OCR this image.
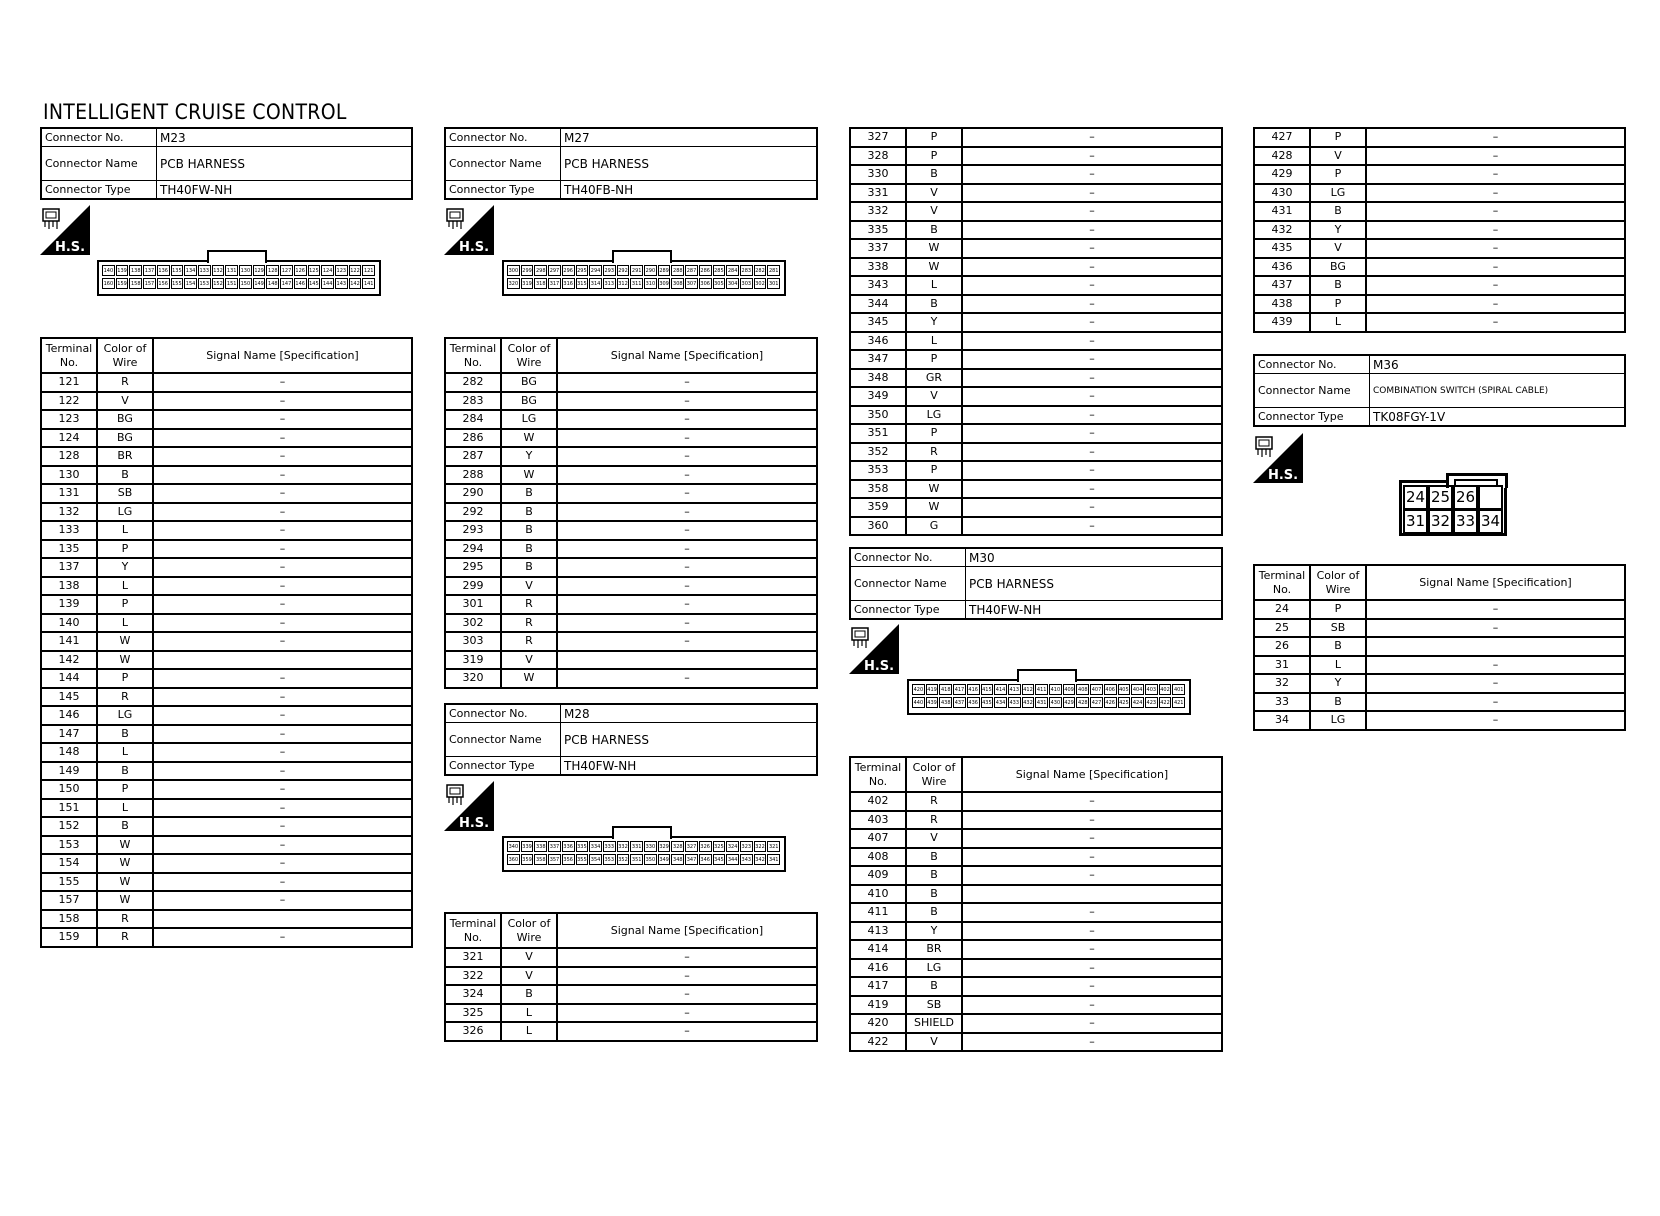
INTELLIGENT CRUISE CONTROL
Connector No.	M23
Connector Name	PCB HARNESS
Connector Type	TH40FW-NH
H.S.
140 139 138 137 136 135 134 133 132 131 130 129 128 127 126 125 124 123 122 121
160 159 158 157 156 155 154 153 152 151 150 149 148 147 146 145 144 143 142 141
Terminal No.	Color of Wire	Signal Name [Specification]
121	R	–
122	V	–
123	BG	–
124	BG	–
128	BR	–
130	B	–
131	SB	–
132	LG	–
133	L	–
135	P	–
137	Y	–
138	L	–
139	P	–
140	L	–
141	W	–
142	W	
144	P	–
145	R	–
146	LG	–
147	B	–
148	L	–
149	B	–
150	P	–
151	L	–
152	B	–
153	W	–
154	W	–
155	W	–
157	W	–
158	R	
159	R	–
Connector No.	M27
Connector Name	PCB HARNESS
Connector Type	TH40FB-NH
H.S.
300 299 298 297 296 295 294 293 292 291 290 289 288 287 286 285 284 283 282 281
320 319 318 317 316 315 314 313 312 311 310 309 308 307 306 305 304 303 302 301
Terminal No.	Color of Wire	Signal Name [Specification]
282	BG	–
283	BG	–
284	LG	–
286	W	–
287	Y	–
288	W	–
290	B	–
292	B	–
293	B	–
294	B	–
295	B	–
299	V	–
301	R	–
302	R	–
303	R	–
319	V	
320	W	–
Connector No.	M28
Connector Name	PCB HARNESS
Connector Type	TH40FW-NH
H.S.
340 339 338 337 336 335 334 333 332 331 330 329 328 327 326 325 324 323 322 321
360 359 358 357 356 355 354 353 352 351 350 349 348 347 346 345 344 343 342 341
Terminal No.	Color of Wire	Signal Name [Specification]
321	V	–
322	V	–
324	B	–
325	L	–
326	L	–
327	P	–
328	P	–
330	B	–
331	V	–
332	V	–
335	B	–
337	W	–
338	W	–
343	L	–
344	B	–
345	Y	–
346	L	–
347	P	–
348	GR	–
349	V	–
350	LG	–
351	P	–
352	R	–
353	P	–
358	W	–
359	W	–
360	G	–
Connector No.	M30
Connector Name	PCB HARNESS
Connector Type	TH40FW-NH
H.S.
420 419 418 417 416 415 414 413 412 411 410 409 408 407 406 405 404 403 402 401
440 439 438 437 436 435 434 433 432 431 430 429 428 427 426 425 424 423 422 421
Terminal No.	Color of Wire	Signal Name [Specification]
402	R	–
403	R	–
407	V	–
408	B	–
409	B	–
410	B	
411	B	–
413	Y	–
414	BR	–
416	LG	–
417	B	–
419	SB	–
420	SHIELD	–
422	V	–
427	P	–
428	V	–
429	P	–
430	LG	–
431	B	–
432	Y	–
435	V	–
436	BG	–
437	B	–
438	P	–
439	L	–
Connector No.	M36
Connector Name	COMBINATION SWITCH (SPIRAL CABLE)
Connector Type	TK08FGY-1V
H.S.
24 25 26
31 32 33 34
Terminal No.	Color of Wire	Signal Name [Specification]
24	P	–
25	SB	–
26	B	
31	L	–
32	Y	–
33	B	–
34	LG	–
